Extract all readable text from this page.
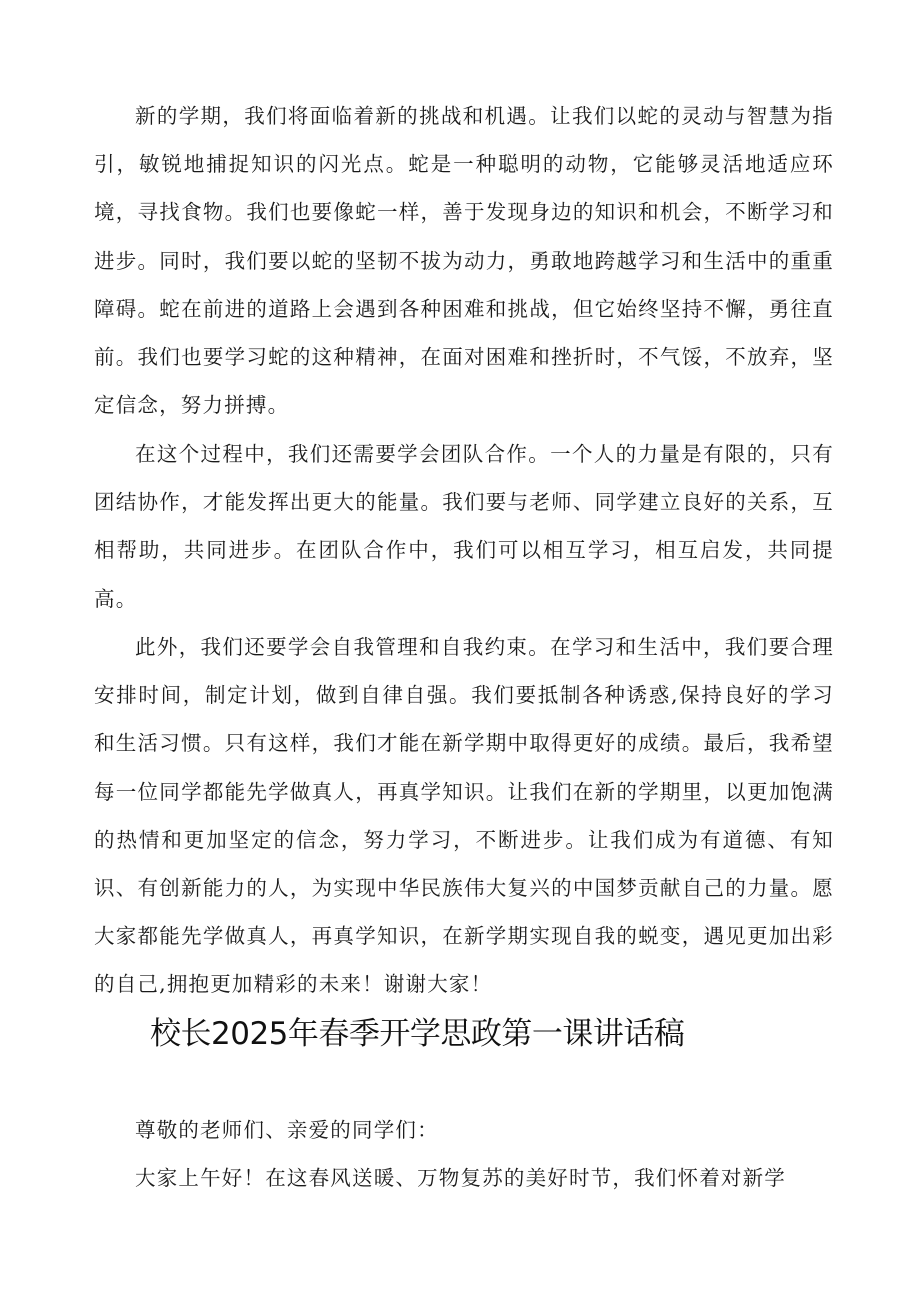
新的学期，我们将面临着新的挑战和机遇。让我们以蛇的灵动与智慧为指引，敏锐地捕捉知识的闪光点。蛇是一种聪明的动物，它能够灵活地适应环境，寻找食物。我们也要像蛇一样，善于发现身边的知识和机会，不断学习和进步。同时，我们要以蛇的坚韧不拔为动力，勇敢地跨越学习和生活中的重重障碍。蛇在前进的道路上会遇到各种困难和挑战，但它始终坚持不懈，勇往直前。我们也要学习蛇的这种精神，在面对困难和挫折时，不气馁，不放弃，坚定信念，努力拼搏。

在这个过程中，我们还需要学会团队合作。一个人的力量是有限的，只有团结协作，才能发挥出更大的能量。我们要与老师、同学建立良好的关系，互相帮助，共同进步。在团队合作中，我们可以相互学习，相互启发，共同提高。

此外，我们还要学会自我管理和自我约束。在学习和生活中，我们要合理安排时间，制定计划，做到自律自强。我们要抵制各种诱惑,保持良好的学习和生活习惯。只有这样，我们才能在新学期中取得更好的成绩。最后，我希望每一位同学都能先学做真人，再真学知识。让我们在新的学期里，以更加饱满的热情和更加坚定的信念，努力学习，不断进步。让我们成为有道德、有知识、有创新能力的人，为实现中华民族伟大复兴的中国梦贡献自己的力量。愿大家都能先学做真人，再真学知识，在新学期实现自我的蜕变，遇见更加出彩的自己,拥抱更加精彩的未来！谢谢大家！

校长2025年春季开学思政第一课讲话稿

尊敬的老师们、亲爱的同学们：

大家上午好！在这春风送暖、万物复苏的美好时节，我们怀着对新学
